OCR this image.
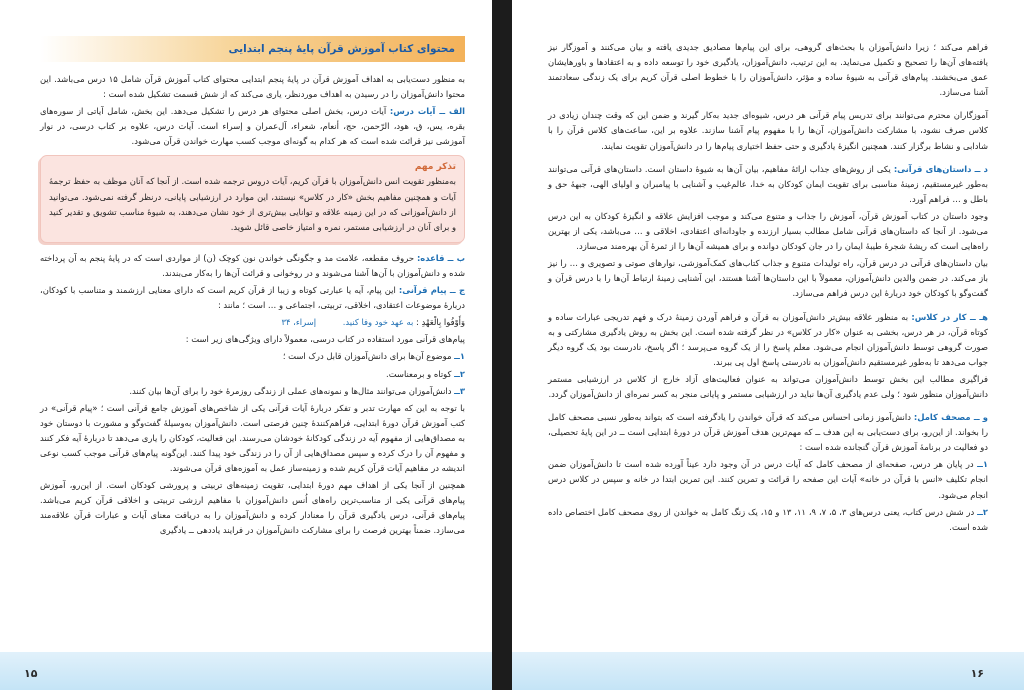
محتوای کتاب آموزش قرآن پایهٔ پنجم ابتدایی

به منظور دست‌یابی به اهداف آموزش قرآن در پایهٔ پنجم ابتدایی محتوای کتاب آموزش قرآن شامل ۱۵ درس می‌باشد. این محتوا دانش‌آموزان را در رسیدن به اهداف موردنظر، یاری می‌کند که از شش قسمت تشکیل شده است :

الف ــ آیات درس: آیات درس، بخش اصلی محتوای هر درس را تشکیل می‌دهد. این بخش، شامل آیاتی از سوره‌های بقره، یس، ق، هود، الرّحمن، حج، أنعام، شعراء، آل‌عمران و إسراء است. آیات درس، علاوه بر کتاب درسی، در نوار آموزشی نیز قرائت شده است که هر کدام به گونه‌ای موجب کسب مهارت خواندن قرآن می‌شود.

تذکر مهم

به‌منظور تقویت انس دانش‌آموزان با قرآن کریم، آیات دروس ترجمه شده است. از آنجا که آنان موظف به حفظ ترجمهٔ آیات و همچنین مفاهیم بخش «کار در کلاس» نیستند، این موارد در ارزشیابی پایانی، درنظر گرفته نمی‌شود. می‌توانید از دانش‌آموزانی که در این زمینه علاقه و توانایی بیش‌تری از خود نشان می‌دهند، به شیوهٔ مناسب تشویق و تقدیر کنید و برای آنان در ارزشیابی مستمر، نمره و امتیاز خاصی قائل شوید.

ب ــ قاعده: حروف مقطعه، علامت مد و جگونگی خواندن نون کوچک (ن) از مواردی است که در پایهٔ پنجم به آن پرداخته شده و دانش‌آموزان با آن‌ها آشنا می‌شوند و در روخوانی و قرائت آن‌ها را به‌کار می‌بندند.

ج ــ پیام قرآنی: این پیام، آیه یا عبارتی کوتاه و زیبا از قرآن کریم است که دارای معنایی ارزشمند و متناسب با کودکان، دربارهٔ موضوعات اعتقادی، اخلاقی، تربیتی، اجتماعی و … است ؛ مانند :

وَأَوْفُوا بِالْعَهْدِ : به عهد خود وفا کنید.          إسراء، ۳۴

پیام‌های قرآنی مورد استفاده در کتاب درسی، معمولاً دارای ویژگی‌های زیر است :

۱ــ موضوع آن‌ها برای دانش‌آموزان قابل درک است ؛

۲ــ کوتاه و برمعناست.

۳ــ دانش‌آموزان می‌توانند مثال‌ها و نمونه‌های عملی از زندگی روزمرهٔ خود را برای آن‌ها بیان کنند.

با توجه به این که مهارت تدبر و تفکر دربارهٔ آیات قرآنی یکی از شاخص‌های آموزش جامع قرآنی است ؛ «پیام قرآنی» در کتب آموزش قرآن دورهٔ ابتدایی، فراهم‌کنندهٔ چنین فرصتی است. دانش‌آموزان به‌وسیلهٔ گفت‌وگو و مشورت با دوستان خود به مصداق‌هایی از مفهوم آیه در زندگی کودکانهٔ خودشان می‌رسند. این فعالیت، کودکان را یاری می‌دهد تا دربارهٔ آیه فکر کنند و مفهوم آن را درک کرده و سپس مصداق‌هایی از آن را در زندگی خود پیدا کنند. این‌گونه پیام‌های قرآنی موجب کسب نوعی اندیشه در مفاهیم آیات قرآن کریم شده و زمینه‌ساز عمل به آموزه‌های قرآن می‌شوند.

همچنین از آنجا یکی از اهداف مهم دورهٔ ابتدایی، تقویت زمینه‌های تربیتی و پرورشی کودکان است. از این‌رو، آموزش پیام‌های قرآنی یکی از مناسب‌ترین راه‌های اُنس دانش‌آموزان با مفاهیم ارزشی تربیتی و اخلاقی قرآن کریم می‌باشد. پیام‌های قرآنی، درس یادگیری قرآن را معنادار کرده و دانش‌آموزان را به دریافت معنای آیات و عبارات قرآن علاقه‌مند می‌سازد. ضمناً بهترین فرصت را برای مشارکت دانش‌آموزان در فرایند یاددهی ــ یادگیری

۱۵

فراهم می‌کند ؛ زیرا دانش‌آموزان با بحث‌های گروهی، برای این پیام‌ها مصادیق جدیدی یافته و بیان می‌کنند و آموزگار نیز یافته‌های آن‌ها را تصحیح و تکمیل می‌نماید. به این ترتیب، دانش‌آموزان، یادگیری خود را توسعه داده و به اعتقادها و باورهایشان عمق می‌بخشند. پیام‌های قرآنی به شیوهٔ ساده و مؤثر، دانش‌آموزان را با خطوط اصلی قرآن کریم برای یک زندگی سعادتمند آشنا می‌سازد.

آموزگاران محترم می‌توانند برای تدریس پیام قرآنی هر درس، شیوه‌ای جدید به‌کار گیرند و ضمن این که وقت چندان زیادی در کلاس صرف نشود، با مشارکت دانش‌آموزان، آن‌ها را با مفهوم پیام آشنا سازند. علاوه بر این، ساعت‌های کلاس قرآن را با شادابی و نشاط برگزار کنند. همچنین انگیزهٔ یادگیری و حتی حفظ اختیاری پیام‌ها را در دانش‌آموزان تقویت نمایند.

د ــ داستان‌های قرآنی: یکی از روش‌های جذاب ارائهٔ مفاهیم، بیان آن‌ها به شیوهٔ داستان است. داستان‌های قرآنی می‌توانند به‌طور غیرمستقیم، زمینهٔ مناسبی برای تقویت ایمان کودکان به خدا، عالم‌غیب و آشنایی با پیامبران و اولیای الهی، جبههٔ حق و باطل و … فراهم آورد.

وجود داستان در کتاب آموزش قرآن، آموزش را جذاب و متنوع می‌کند و موجب افزایش علاقه و انگیزهٔ کودکان به این درس می‌شود. از آنجا که داستان‌های قرآنی شامل مطالب بسیار ارزنده و جاودانه‌ای اعتقادی، اخلاقی و … می‌باشد، یکی از بهترین راه‌هایی است که ریشهٔ شجرهٔ طیبهٔ ایمان را در جان کودکان دوانده و برای همیشه آن‌ها را از ثمرهٔ آن بهره‌مند می‌سازد.

بیان داستان‌های قرآنی در درس قرآن، راه تولیدات متنوع و جذاب کتاب‌های کمک‌آموزشی، نوارهای صوتی و تصویری و … را نیز باز می‌کند. در ضمن والدین دانش‌آموزان، معمولاً با این داستان‌ها آشنا هستند، این آشنایی زمینهٔ ارتباط آن‌ها را با درس قرآن و گفت‌وگو با کودکان خود دربارهٔ این درس فراهم می‌سازد.

هـ ــ کار در کلاس: به منظور علاقه بیش‌تر دانش‌آموزان به قرآن و فراهم آوردن زمینهٔ درک و فهم تدریجی عبارات ساده و کوتاه قرآن، در هر درس، بخشی به عنوان «کار در کلاس» در نظر گرفته شده است. این بخش به روش یادگیری مشارکتی و به صورت گروهی توسط دانش‌آموزان انجام می‌شود. معلم پاسخ را از یک گروه می‌پرسد ؛ اگر پاسخ، نادرست بود یک گروه دیگر جواب می‌دهد تا به‌طور غیرمستقیم دانش‌آموزان به نادرستی پاسخ اول پی ببرند.

فراگیری مطالب این بخش توسط دانش‌آموزان می‌تواند به عنوان فعالیت‌های آزاد خارج از کلاس در ارزشیابی مستمر دانش‌آموزان منظور شود ؛ ولی عدم یادگیری آن‌ها نباید در ارزشیابی مستمر و پایانی منجر به کسر نمره‌ای از دانش‌آموزان گردد.

و ــ مصحف کامل: دانش‌آموز زمانی احساس می‌کند که قرآن خواندن را یادگرفته است که بتواند به‌طور نسبی مصحف کامل را بخواند. از این‌رو، برای دست‌یابی به این هدف ــ که مهم‌ترین هدف آموزش قرآن در دورهٔ ابتدایی است ــ در این پایهٔ تحصیلی، دو فعالیت در برنامهٔ آموزش قرآن گنجانده شده است :

۱ــ در پایان هر درس، صفحه‌ای از مصحف کامل که آیات درس در آن وجود دارد عیناً آورده شده است تا دانش‌آموزان ضمن انجام تکلیف «انس با قرآن در خانه» آیات این صفحه را قرائت و تمرین کنند. این تمرین ابتدا در خانه و سپس در کلاس درس انجام می‌شود.

۲ــ در شش درس کتاب، یعنی درس‌های ۳، ۵، ۷، ۹، ۱۱، ۱۳ و ۱۵، یک زنگ کامل به خواندن از روی مصحف کامل اختصاص داده شده است.

۱۶
